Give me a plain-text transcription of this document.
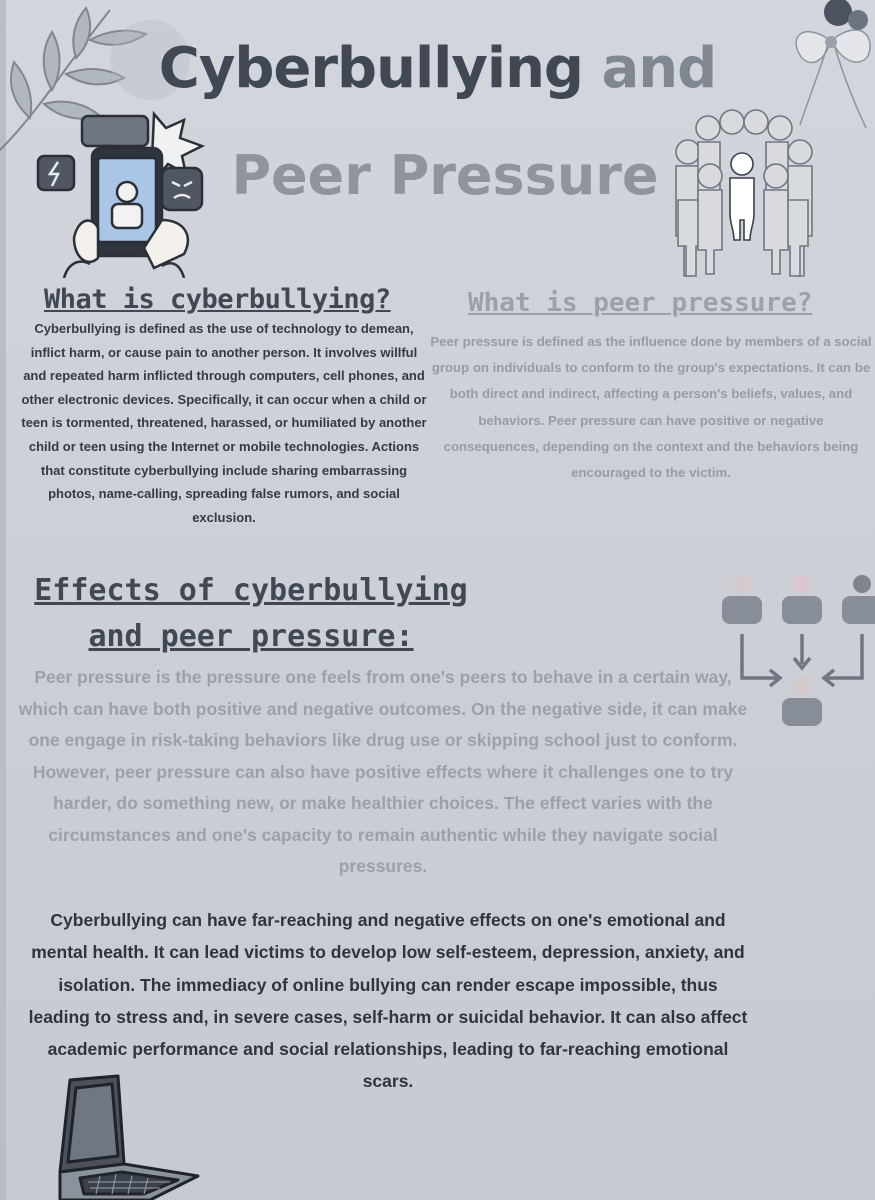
Cyberbullying and
Peer Pressure
What is cyberbullying?
Cyberbullying is defined as the use of technology to demean, inflict harm, or cause pain to another person. It involves willful and repeated harm inflicted through computers, cell phones, and other electronic devices. Specifically, it can occur when a child or teen is tormented, threatened, harassed, or humiliated by another child or teen using the Internet or mobile technologies. Actions that constitute cyberbullying include sharing embarrassing photos, name-calling, spreading false rumors, and social exclusion.
What is peer pressure?
Peer pressure is defined as the influence done by members of a social group on individuals to conform to the group's expectations. It can be both direct and indirect, affecting a person's beliefs, values, and behaviors. Peer pressure can have positive or negative consequences, depending on the context and the behaviors being encouraged to the victim.
Effects of cyberbullying
and peer pressure:
Peer pressure is the pressure one feels from one's peers to behave in a certain way, which can have both positive and negative outcomes. On the negative side, it can make one engage in risk-taking behaviors like drug use or skipping school just to conform. However, peer pressure can also have positive effects where it challenges one to try harder, do something new, or make healthier choices. The effect varies with the circumstances and one's capacity to remain authentic while they navigate social pressures.
Cyberbullying can have far-reaching and negative effects on one's emotional and mental health. It can lead victims to develop low self-esteem, depression, anxiety, and isolation. The immediacy of online bullying can render escape impossible, thus leading to stress and, in severe cases, self-harm or suicidal behavior. It can also affect academic performance and social relationships, leading to far-reaching emotional scars.
